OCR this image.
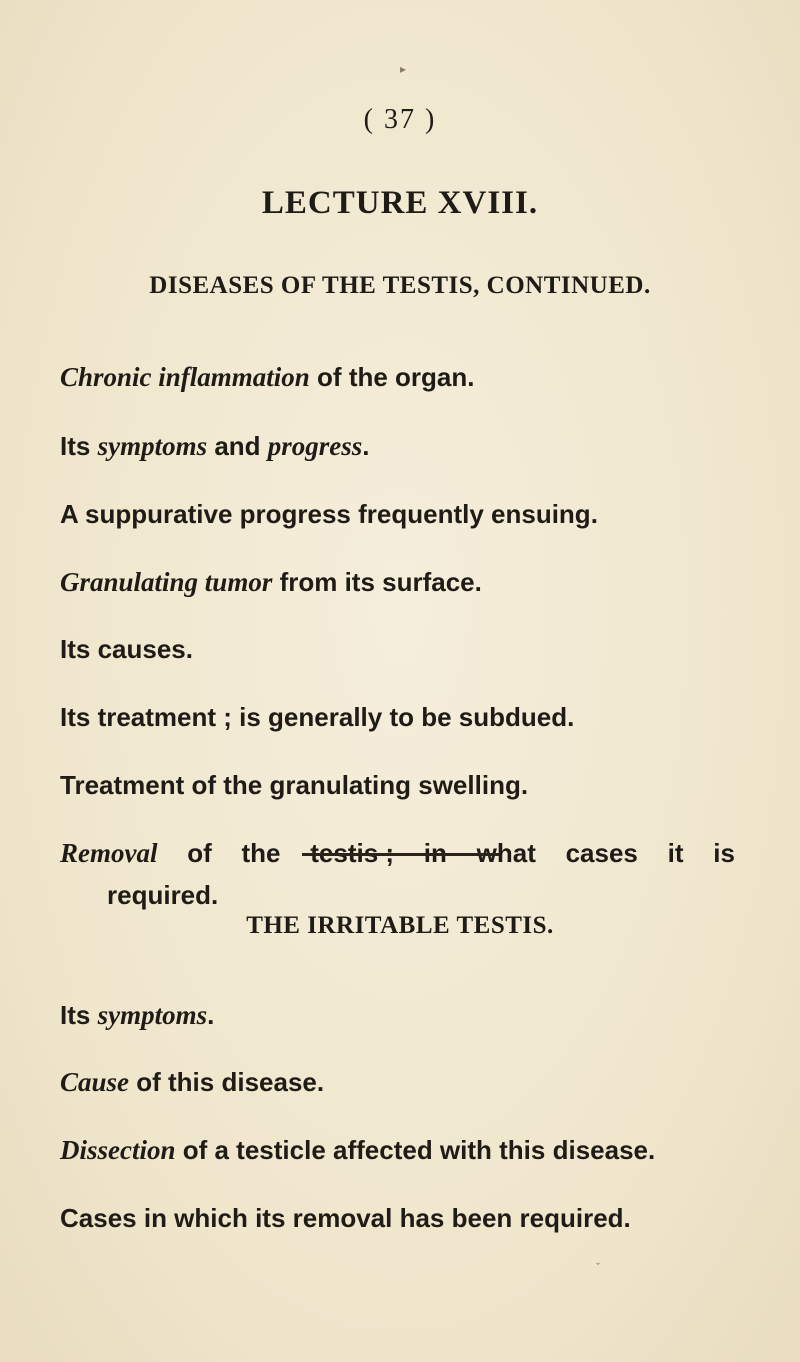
( 37 )
LECTURE XVIII.
DISEASES OF THE TESTIS, CONTINUED.
Chronic inflammation of the organ.
Its symptoms and progress.
A suppurative progress frequently ensuing.
Granulating tumor from its surface.
Its causes.
Its treatment ; is generally to be subdued.
Treatment of the granulating swelling.
Removal of the testis ; in what cases it is
required.
THE IRRITABLE TESTIS.
Its symptoms.
Cause of this disease.
Dissection of a testicle affected with this disease.
Cases in which its removal has been required.
▸
ˇ
